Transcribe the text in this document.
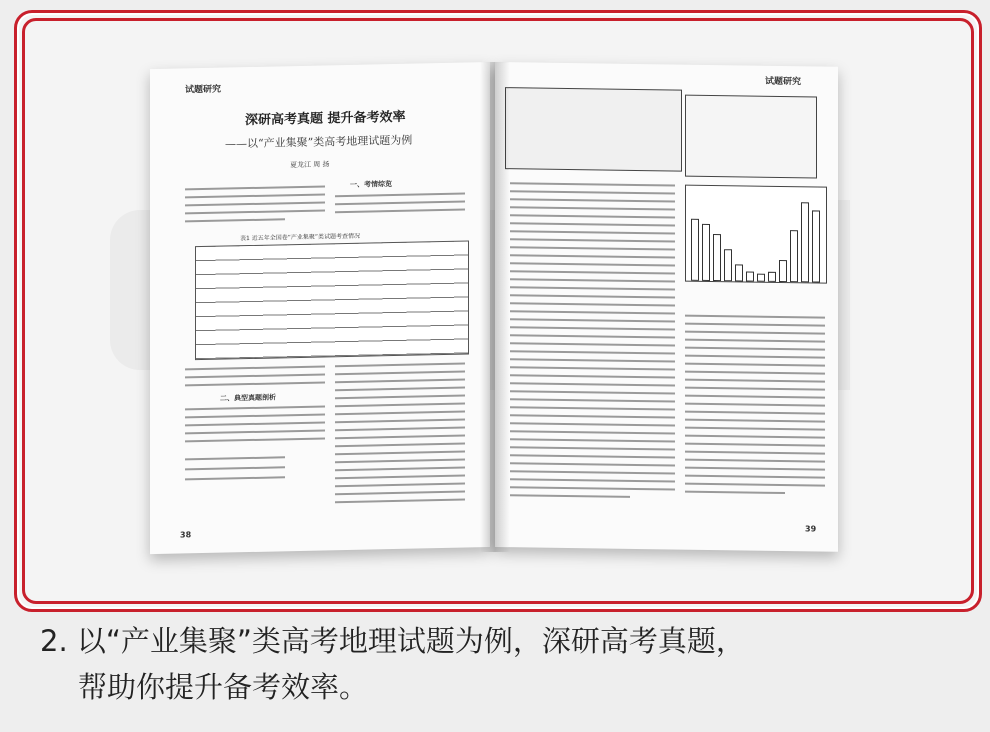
试题研究
深研高考真题 提升备考效率
——以“产业集聚”类高考地理试题为例
夏龙江 周 扬
一、考情综览
表1 近五年全国卷“产业集聚”类试题考查情况
二、典型真题剖析
38
试题研究
39
2. 以“产业集聚”类高考地理试题为例，深研高考真题，
帮助你提升备考效率。
